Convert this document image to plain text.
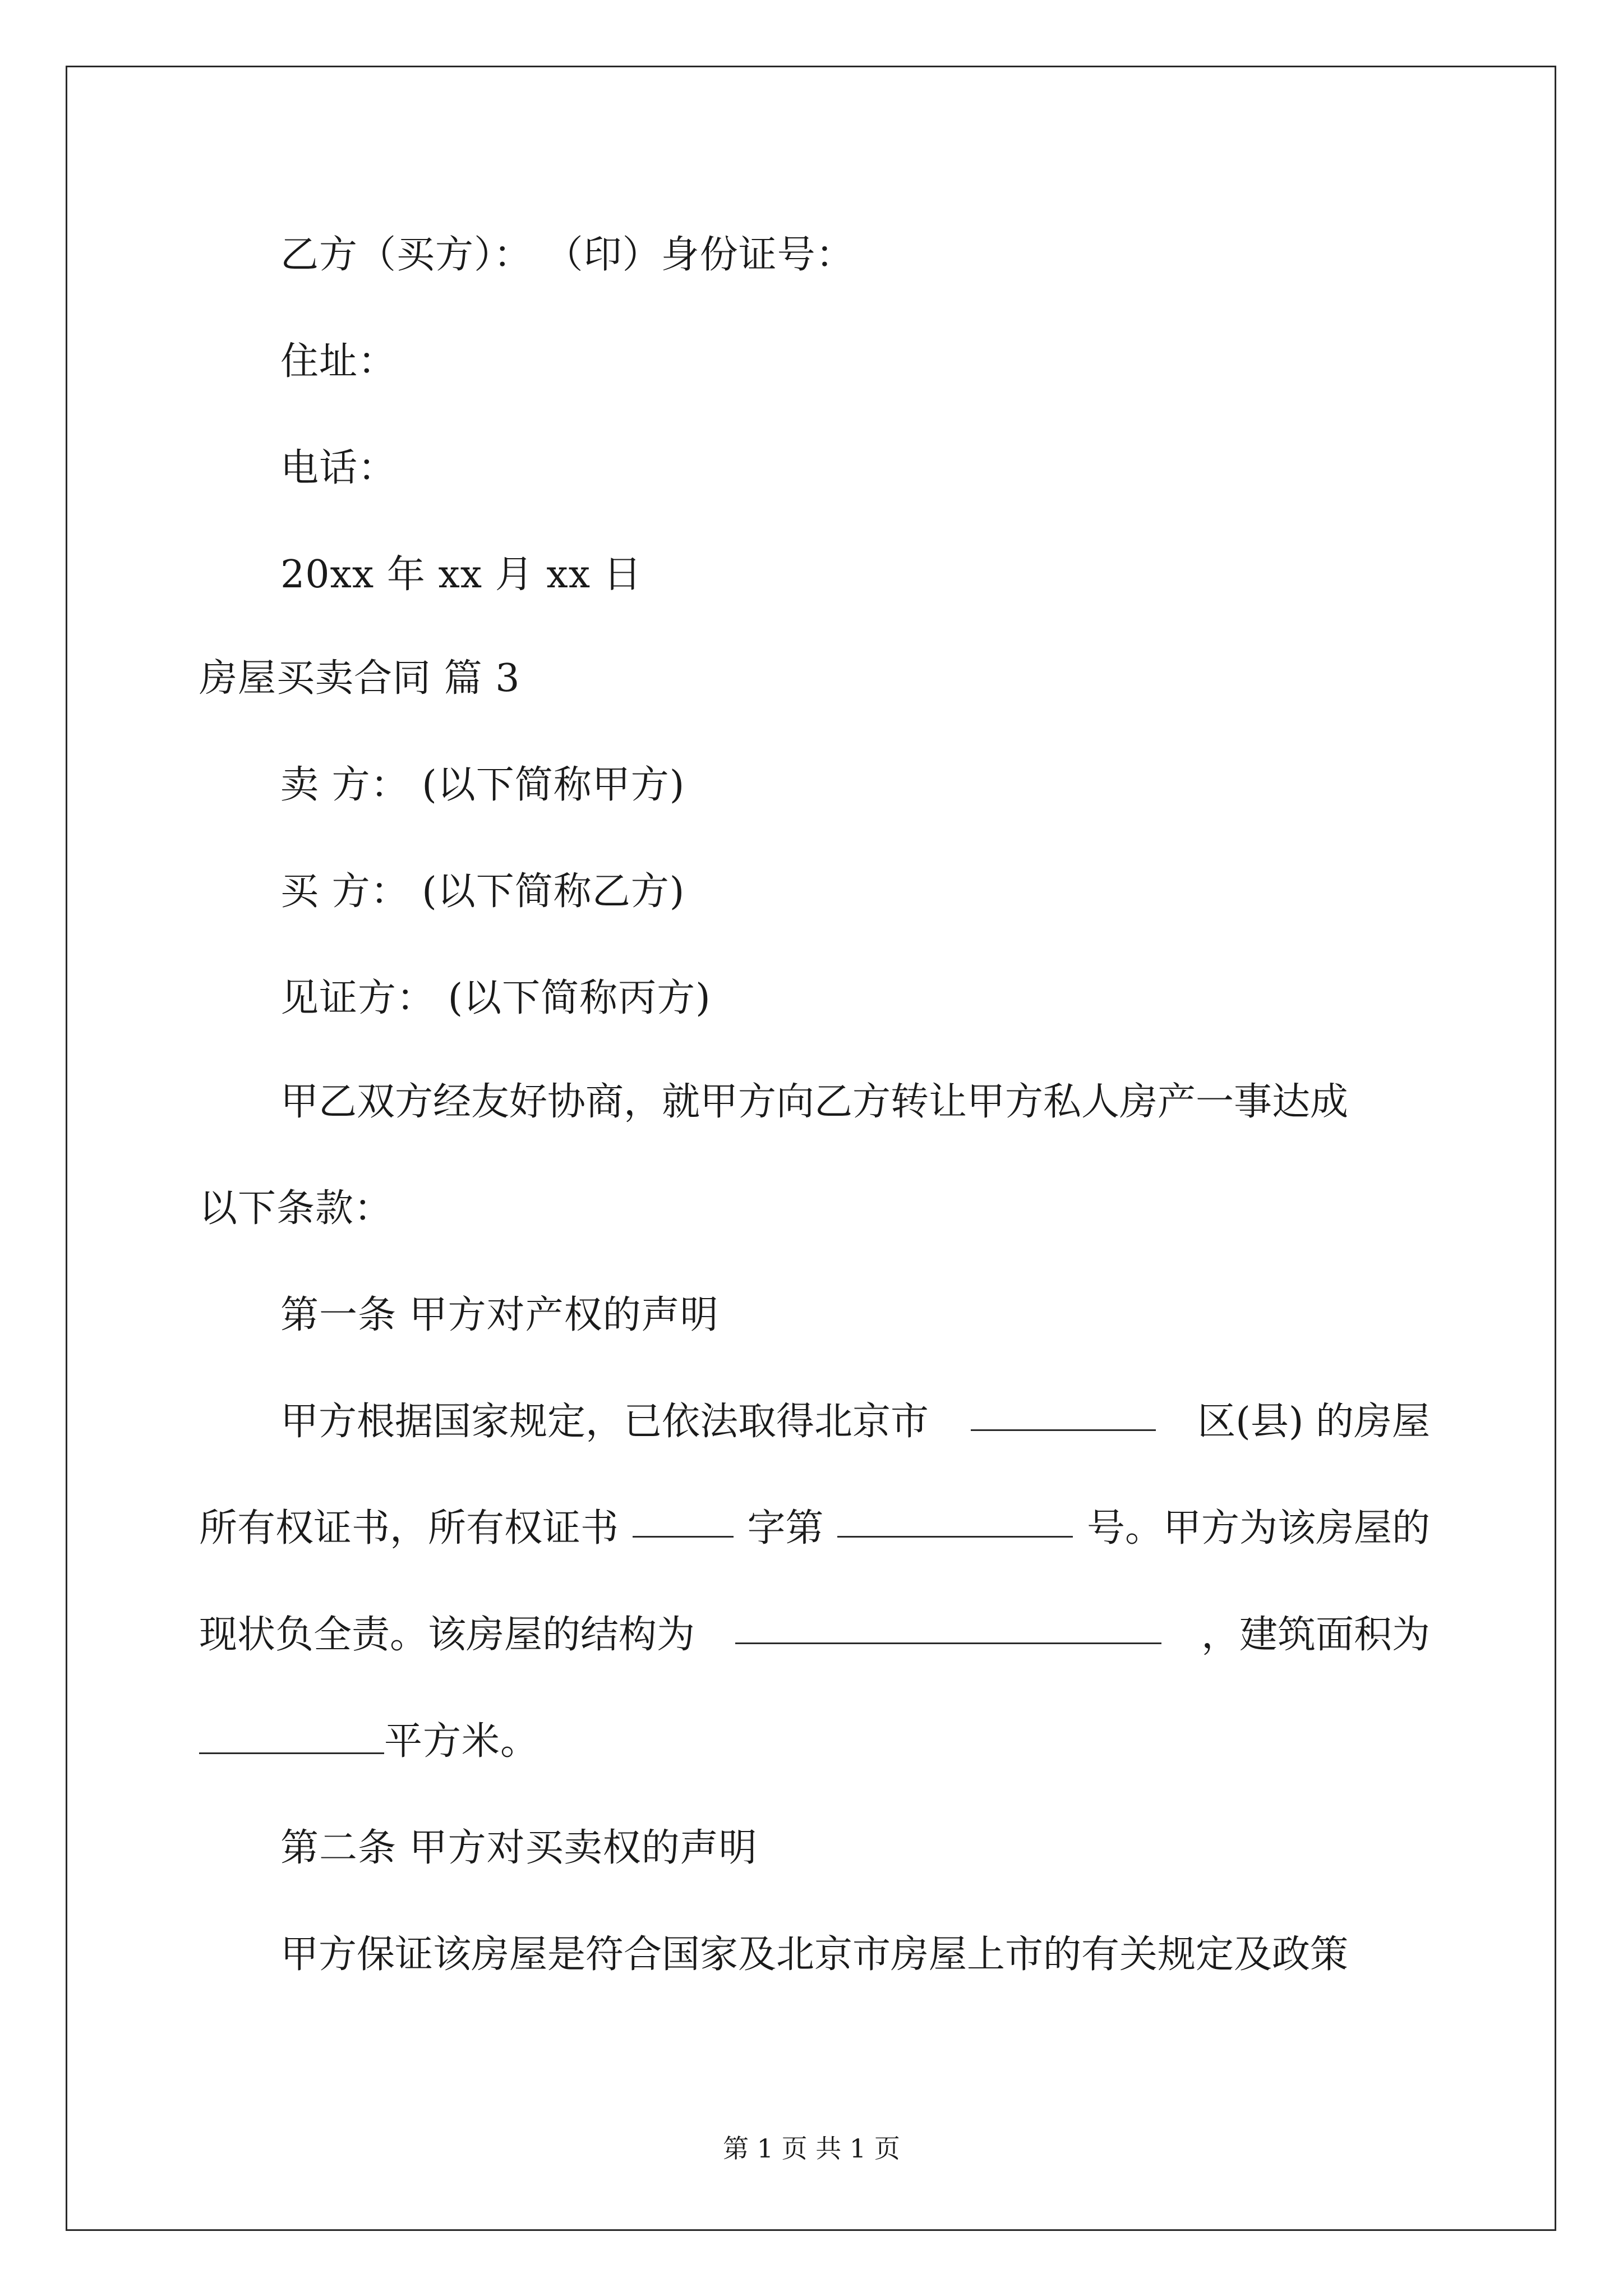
乙方（买方）： （印）身份证号：
住址：
电话：
20xx 年 xx 月 xx 日
房屋买卖合同 篇 3
卖 方： (以下简称甲方)
买 方： (以下简称乙方)
见证方： (以下简称丙方)
甲乙双方经友好协商，就甲方向乙方转让甲方私人房产一事达成
以下条款：
第一条 甲方对产权的声明
甲方根据国家规定，已依法取得北京市	区(县) 的房屋
所有权证书，所有权证书	字第	号。甲方为该房屋的
现状负全责。该房屋的结构为	，建筑面积为
平方米。
第二条 甲方对买卖权的声明
甲方保证该房屋是符合国家及北京市房屋上市的有关规定及政策
第 1 页 共 1 页
